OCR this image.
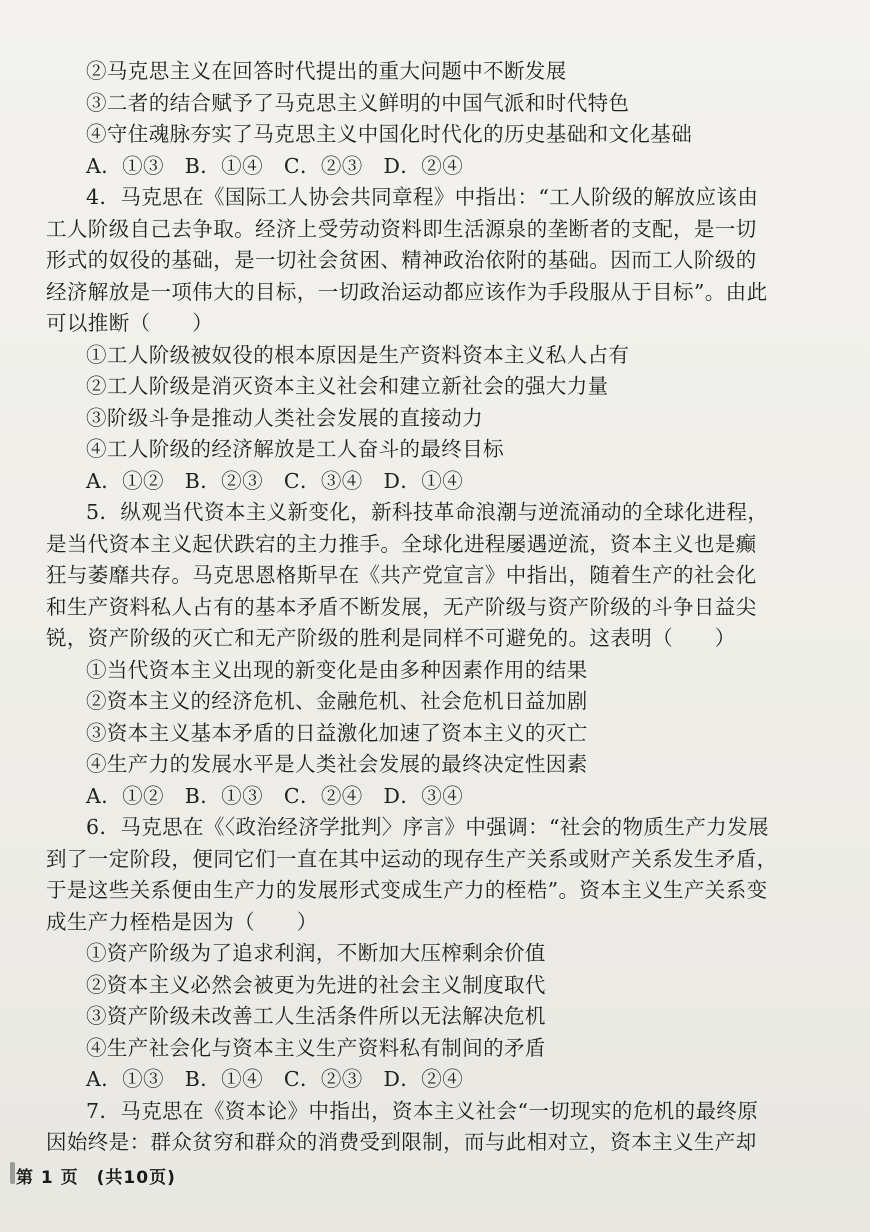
②马克思主义在回答时代提出的重大问题中不断发展
③二者的结合赋予了马克思主义鲜明的中国气派和时代特色
④守住魂脉夯实了马克思主义中国化时代化的历史基础和文化基础
A．①③　B．①④　C．②③　D．②④
4．马克思在《国际工人协会共同章程》中指出：“工人阶级的解放应该由
工人阶级自己去争取。经济上受劳动资料即生活源泉的垄断者的支配，是一切
形式的奴役的基础，是一切社会贫困、精神政治依附的基础。因而工人阶级的
经济解放是一项伟大的目标，一切政治运动都应该作为手段服从于目标”。由此
可以推断（　　）
①工人阶级被奴役的根本原因是生产资料资本主义私人占有
②工人阶级是消灭资本主义社会和建立新社会的强大力量
③阶级斗争是推动人类社会发展的直接动力
④工人阶级的经济解放是工人奋斗的最终目标
A．①②　B．②③　C．③④　D．①④
5．纵观当代资本主义新变化，新科技革命浪潮与逆流涌动的全球化进程，
是当代资本主义起伏跌宕的主力推手。全球化进程屡遇逆流，资本主义也是癫
狂与萎靡共存。马克思恩格斯早在《共产党宣言》中指出，随着生产的社会化
和生产资料私人占有的基本矛盾不断发展，无产阶级与资产阶级的斗争日益尖
锐，资产阶级的灭亡和无产阶级的胜利是同样不可避免的。这表明（　　）
①当代资本主义出现的新变化是由多种因素作用的结果
②资本主义的经济危机、金融危机、社会危机日益加剧
③资本主义基本矛盾的日益激化加速了资本主义的灭亡
④生产力的发展水平是人类社会发展的最终决定性因素
A．①②　B．①③　C．②④　D．③④
6．马克思在《〈政治经济学批判〉序言》中强调：“社会的物质生产力发展
到了一定阶段，便同它们一直在其中运动的现存生产关系或财产关系发生矛盾，
于是这些关系便由生产力的发展形式变成生产力的桎梏”。资本主义生产关系变
成生产力桎梏是因为（　　）
①资产阶级为了追求利润，不断加大压榨剩余价值
②资本主义必然会被更为先进的社会主义制度取代
③资产阶级未改善工人生活条件所以无法解决危机
④生产社会化与资本主义生产资料私有制间的矛盾
A．①③　B．①④　C．②③　D．②④
7．马克思在《资本论》中指出，资本主义社会“一切现实的危机的最终原
因始终是：群众贫穷和群众的消费受到限制，而与此相对立，资本主义生产却
第 1 页　(共10页)
